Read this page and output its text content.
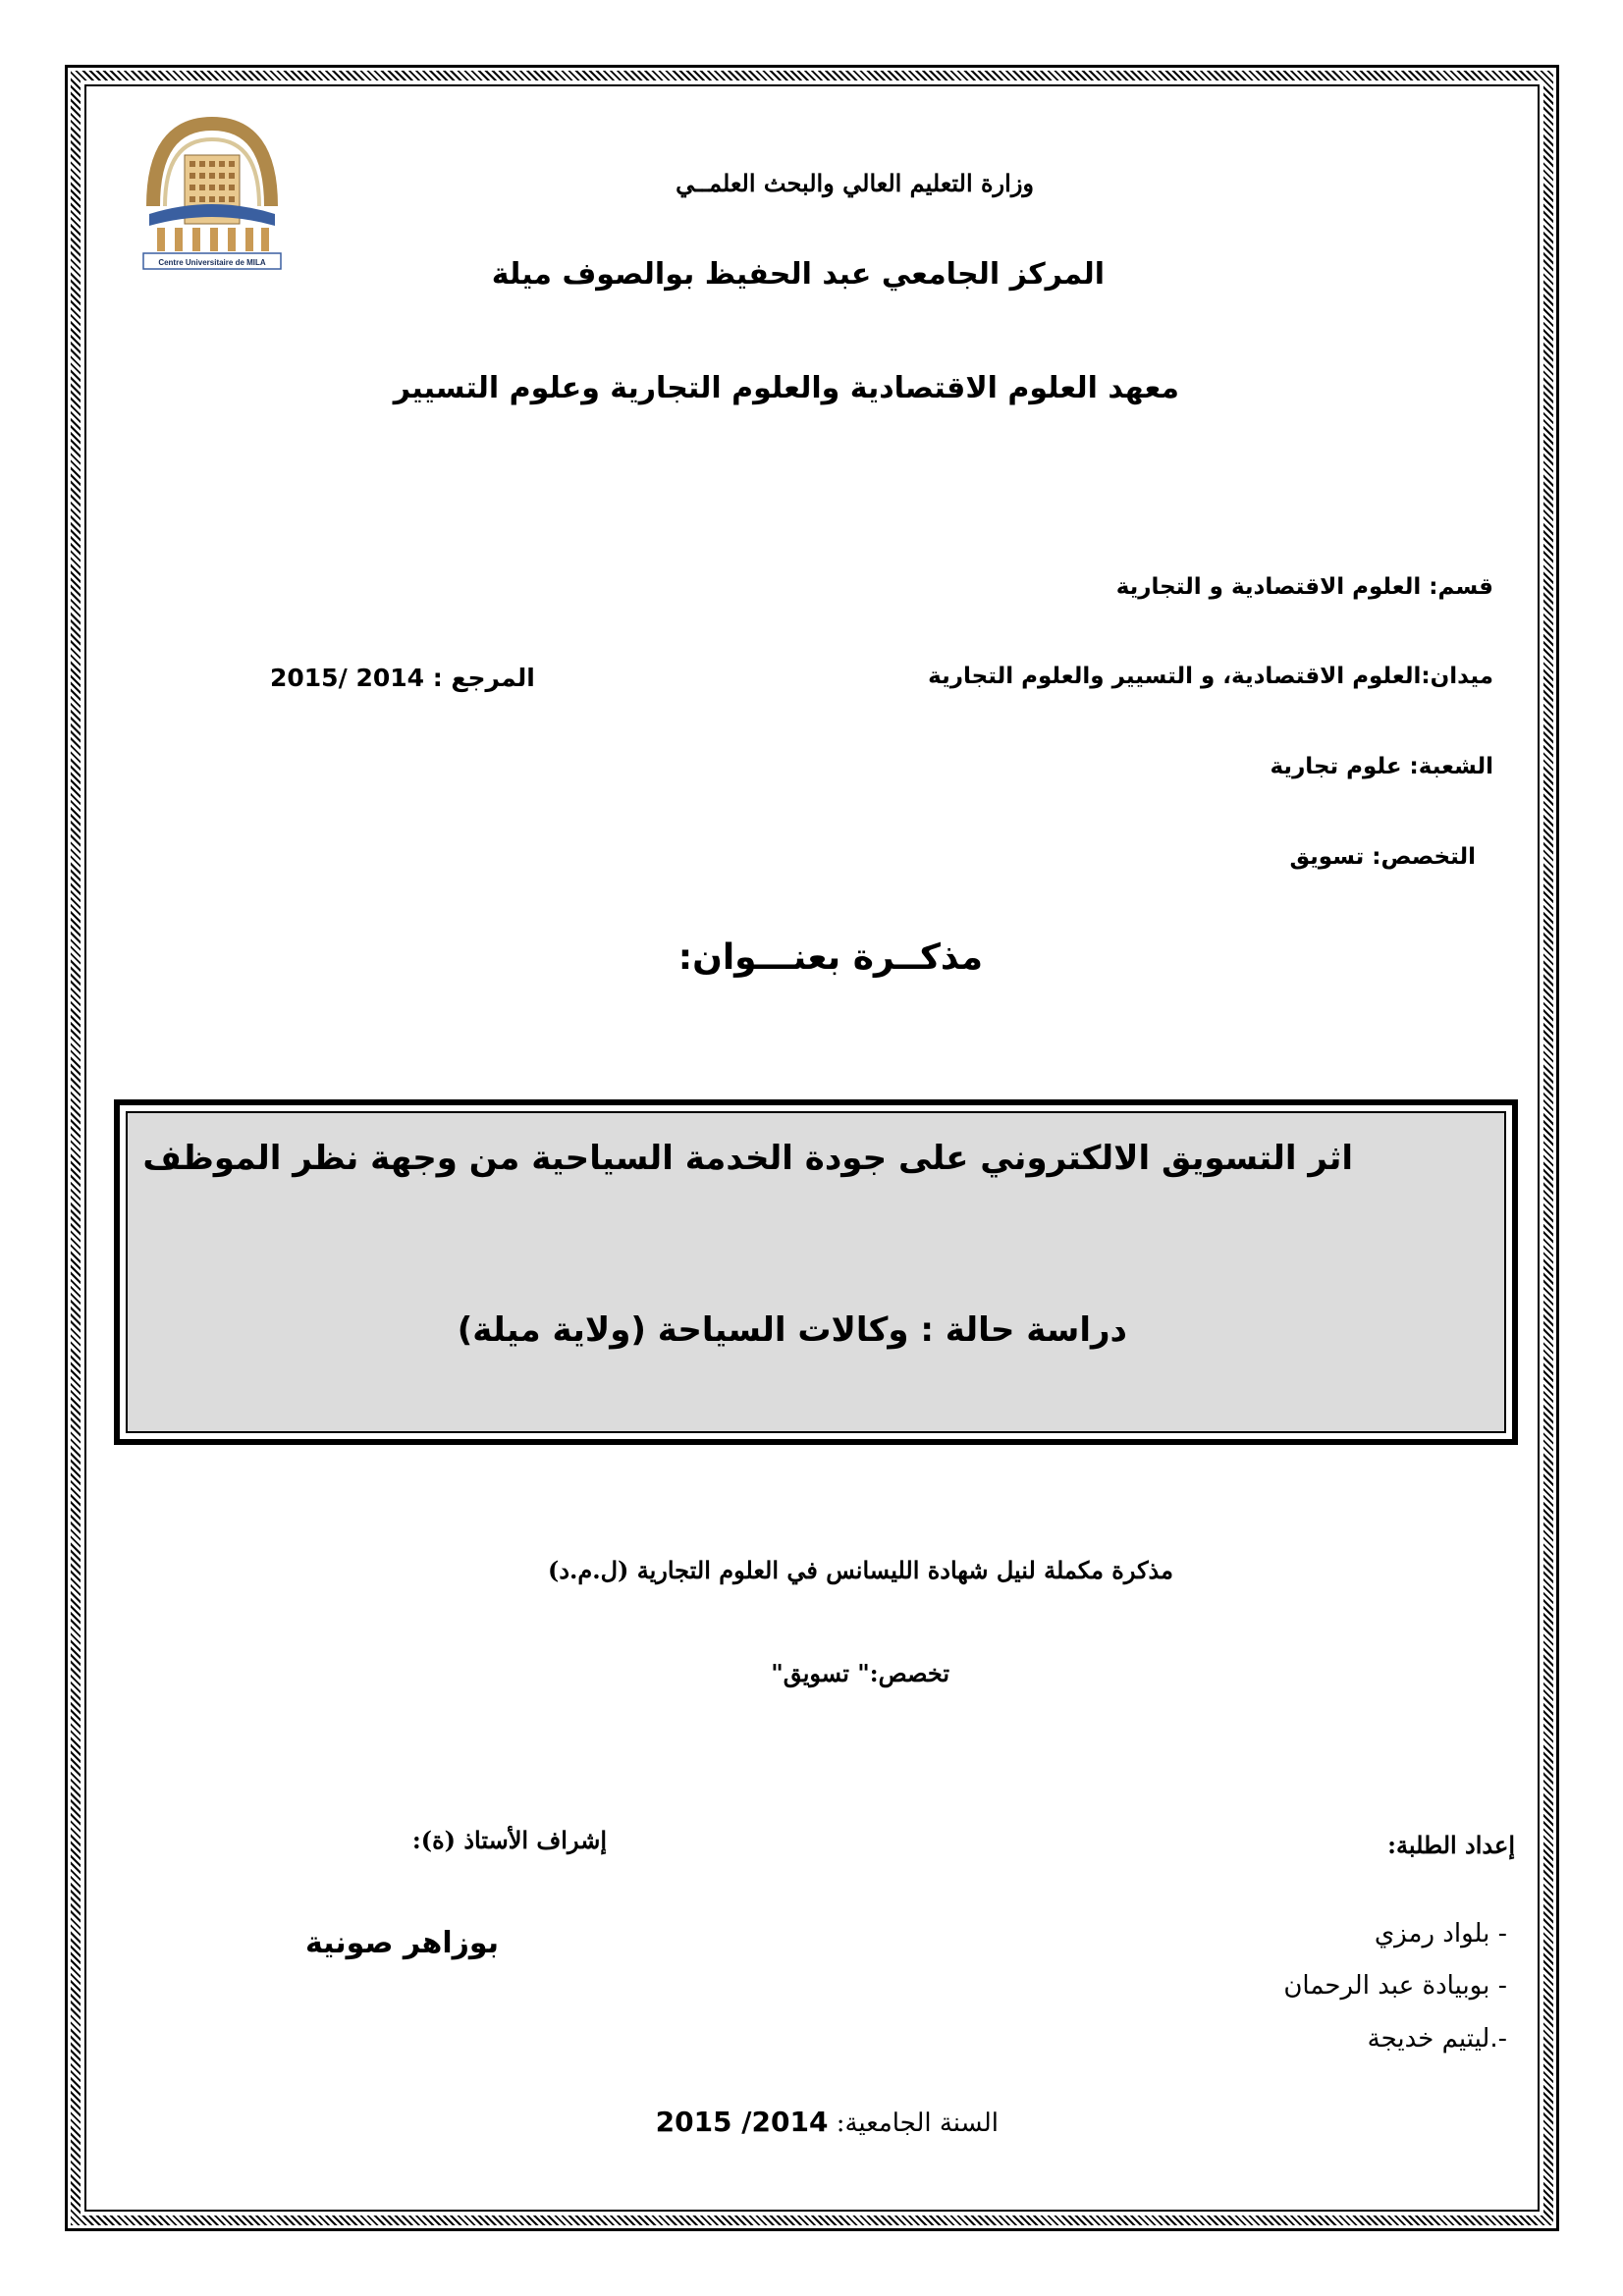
Centre Universitaire de MILA
وزارة التعليم العالي والبحث العلمــي
المركز الجامعي عبد الحفيظ بوالصوف ميلة
معهد العلوم الاقتصادية والعلوم التجارية وعلوم التسيير
قسم: العلوم الاقتصادية و التجارية
ميدان:العلوم الاقتصادية، و التسيير والعلوم التجارية
المرجع : 2014 /2015
الشعبة: علوم تجارية
التخصص: تسويق
مذكــرة بعنـــوان:
اثر التسويق الالكتروني على جودة الخدمة السياحية من وجهة نظر الموظف
دراسة حالة : وكالات السياحة (ولاية ميلة)
مذكرة مكملة لنيل شهادة الليسانس في العلوم التجارية (ل.م.د)
تخصص:" تسويق"
إعداد الطلبة:
إشراف الأستاذ (ة):
- بلواد رمزي
- بوبيادة عبد الرحمان
-.ليتيم خديجة
بوزاهر صونية
السنة الجامعية: 2014/ 2015
